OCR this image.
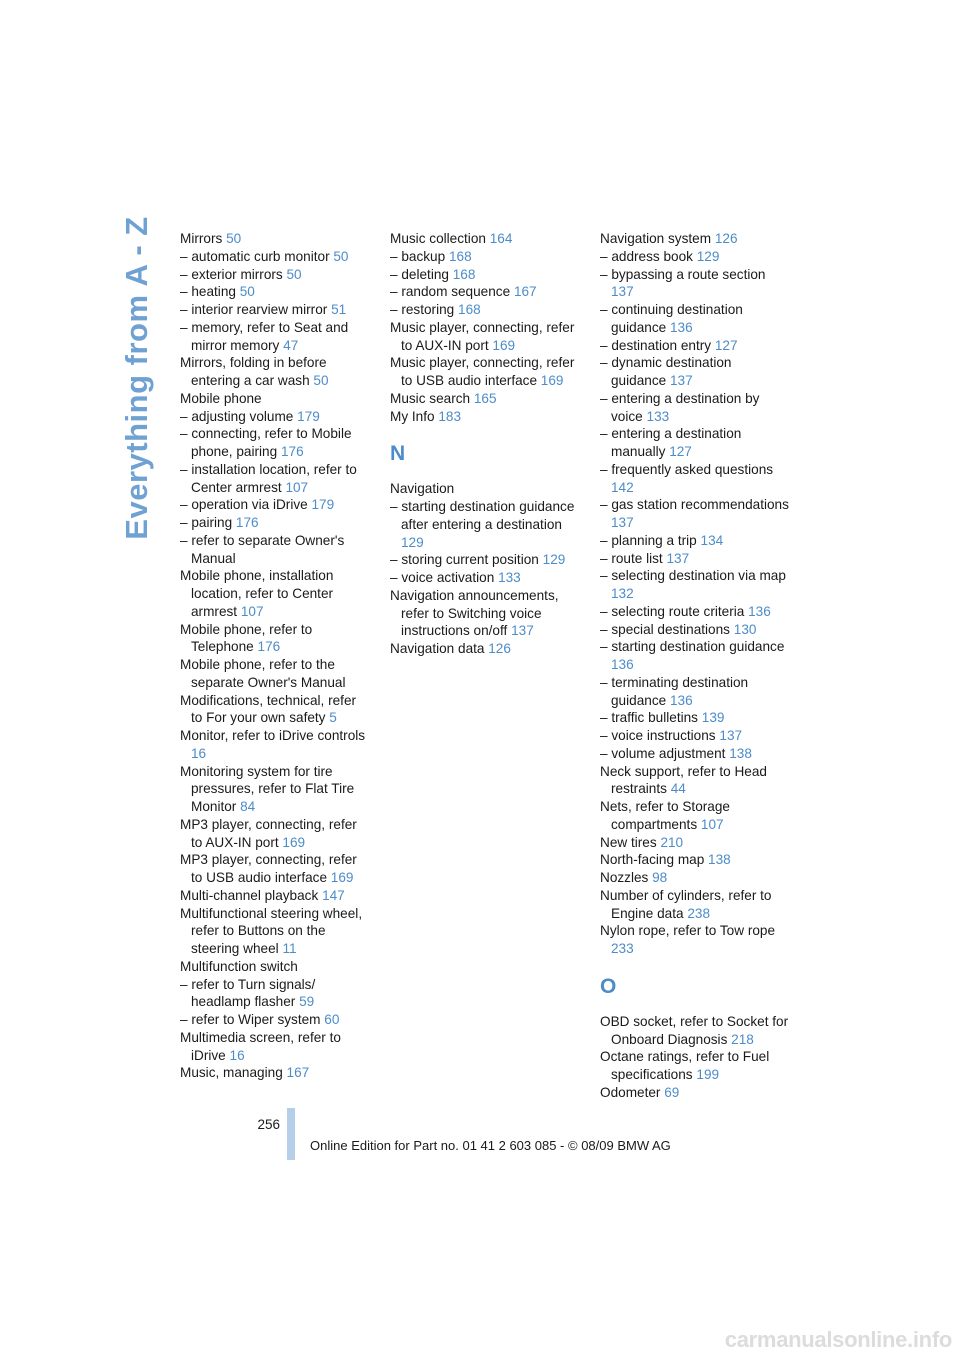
Everything from A - Z Mirrors 50
– automatic curb monitor 50
– exterior mirrors 50
– heating 50
– interior rearview mirror 51
– memory, refer to Seat and mirror memory 47
Mirrors, folding in before entering a car wash 50
Mobile phone
– adjusting volume 179
– connecting, refer to Mobile phone, pairing 176
– installation location, refer to Center armrest 107
– operation via iDrive 179
– pairing 176
– refer to separate Owner's Manual
Mobile phone, installation location, refer to Center armrest 107
Mobile phone, refer to Telephone 176
Mobile phone, refer to the separate Owner's Manual
Modifications, technical, refer to For your own safety 5
Monitor, refer to iDrive controls 16
Monitoring system for tire pressures, refer to Flat Tire Monitor 84
MP3 player, connecting, refer to AUX-IN port 169
MP3 player, connecting, refer to USB audio interface 169
Multi-channel playback 147
Multifunctional steering wheel, refer to Buttons on the steering wheel 11
Multifunction switch
– refer to Turn signals/ headlamp flasher 59
– refer to Wiper system 60
Multimedia screen, refer to iDrive 16
Music, managing 167
Music collection 164
– backup 168
– deleting 168
– random sequence 167
– restoring 168
Music player, connecting, refer to AUX-IN port 169
Music player, connecting, refer to USB audio interface 169
Music search 165
My Info 183
N
Navigation
– starting destination guidance after entering a destination 129
– storing current position 129
– voice activation 133
Navigation announcements, refer to Switching voice instructions on/off 137
Navigation data 126
Navigation system 126
– address book 129
– bypassing a route section 137
– continuing destination guidance 136
– destination entry 127
– dynamic destination guidance 137
– entering a destination by voice 133
– entering a destination manually 127
– frequently asked questions 142
– gas station recommendations 137
– planning a trip 134
– route list 137
– selecting destination via map 132
– selecting route criteria 136
– special destinations 130
– starting destination guidance 136
– terminating destination guidance 136
– traffic bulletins 139
– voice instructions 137
– volume adjustment 138
Neck support, refer to Head restraints 44
Nets, refer to Storage compartments 107
New tires 210
North-facing map 138
Nozzles 98
Number of cylinders, refer to Engine data 238
Nylon rope, refer to Tow rope 233
O
OBD socket, refer to Socket for Onboard Diagnosis 218
Octane ratings, refer to Fuel specifications 199
Odometer 69
256
Online Edition for Part no. 01 41 2 603 085 - © 08/09 BMW AG
carmanualsonline.info
